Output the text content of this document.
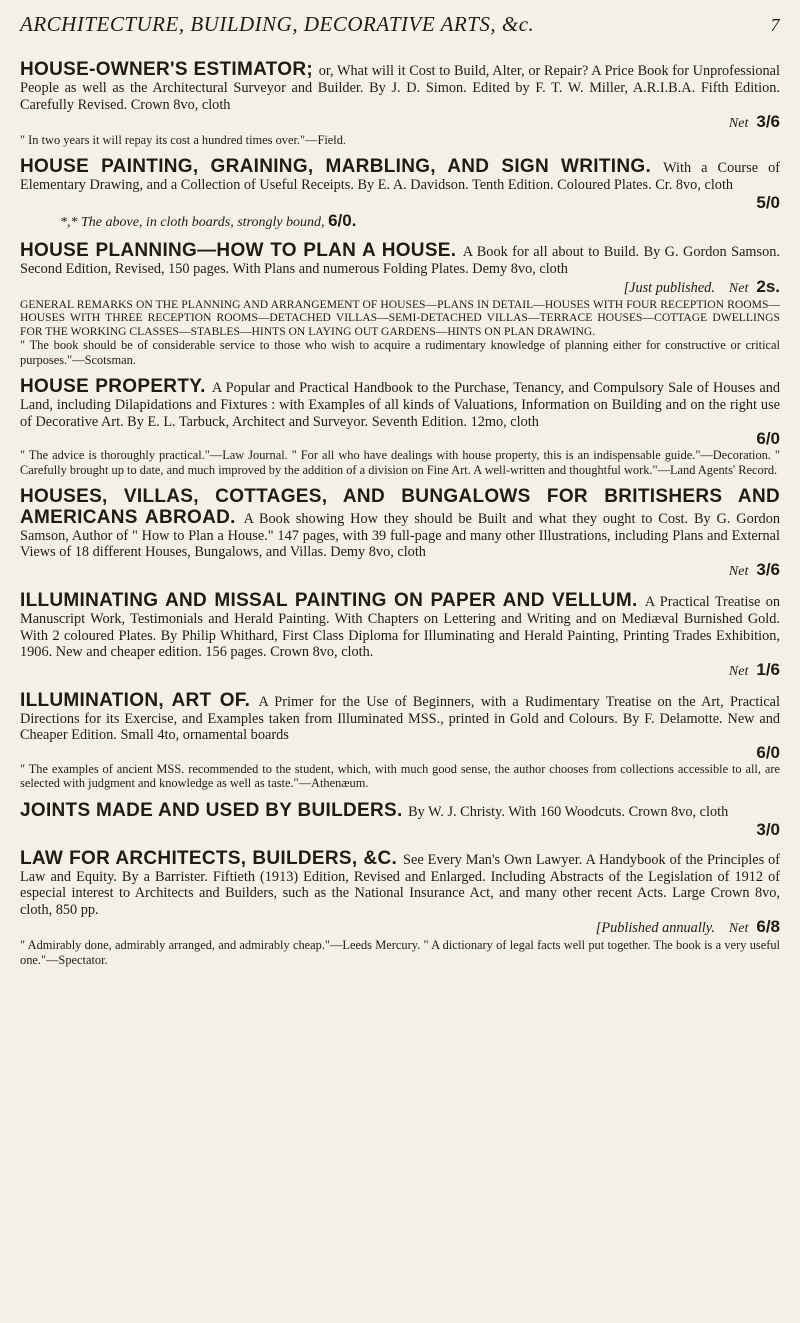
ARCHITECTURE, BUILDING, DECORATIVE ARTS, &c.	7
HOUSE-OWNER'S ESTIMATOR; or, What will it Cost to Build, Alter, or Repair? A Price Book for Unprofessional People as well as the Architectural Surveyor and Builder. By J. D. Simon. Edited by F. T. W. Miller, A.R.I.B.A. Fifth Edition. Carefully Revised. Crown 8vo, cloth
Net 3/6
" In two years it will repay its cost a hundred times over."—Field.
HOUSE PAINTING, GRAINING, MARBLING, AND SIGN WRITING. With a Course of Elementary Drawing, and a Collection of Useful Receipts. By E. A. Davidson. Tenth Edition. Coloured Plates. Cr. 8vo, cloth
5/0
*,* The above, in cloth boards, strongly bound, 6/0.
HOUSE PLANNING—HOW TO PLAN A HOUSE. A Book for all about to Build. By G. Gordon Samson. Second Edition, Revised, 150 pages. With Plans and numerous Folding Plates. Demy 8vo, cloth
[Just published. Net 2s.
GENERAL REMARKS ON THE PLANNING AND ARRANGEMENT OF HOUSES—PLANS IN DETAIL—HOUSES WITH FOUR RECEPTION ROOMS—HOUSES WITH THREE RECEPTION ROOMS—DETACHED VILLAS—SEMI-DETACHED VILLAS—TERRACE HOUSES—COTTAGE DWELLINGS FOR THE WORKING CLASSES—STABLES—HINTS ON LAYING OUT GARDENS—HINTS ON PLAN DRAWING.
" The book should be of considerable service to those who wish to acquire a rudimentary knowledge of planning either for constructive or critical purposes."—Scotsman.
HOUSE PROPERTY. A Popular and Practical Handbook to the Purchase, Tenancy, and Compulsory Sale of Houses and Land, including Dilapidations and Fixtures : with Examples of all kinds of Valuations, Information on Building and on the right use of Decorative Art. By E. L. Tarbuck, Architect and Surveyor. Seventh Edition. 12mo, cloth
6/0
" The advice is thoroughly practical."—Law Journal. " For all who have dealings with house property, this is an indispensable guide."—Decoration. " Carefully brought up to date, and much improved by the addition of a division on Fine Art. A well-written and thoughtful work."—Land Agents' Record.
HOUSES, VILLAS, COTTAGES, AND BUNGALOWS FOR BRITISHERS AND AMERICANS ABROAD. A Book showing How they should be Built and what they ought to Cost. By G. Gordon Samson, Author of " How to Plan a House." 147 pages, with 39 full-page and many other Illustrations, including Plans and External Views of 18 different Houses, Bungalows, and Villas. Demy 8vo, cloth
Net 3/6
ILLUMINATING AND MISSAL PAINTING ON PAPER AND VELLUM. A Practical Treatise on Manuscript Work, Testimonials and Herald Painting. With Chapters on Lettering and Writing and on Mediæval Burnished Gold. With 2 coloured Plates. By Philip Whithard, First Class Diploma for Illuminating and Herald Painting, Printing Trades Exhibition, 1906. New and cheaper edition. 156 pages. Crown 8vo, cloth.
Net 1/6
ILLUMINATION, ART OF. A Primer for the Use of Beginners, with a Rudimentary Treatise on the Art, Practical Directions for its Exercise, and Examples taken from Illuminated MSS., printed in Gold and Colours. By F. Delamotte. New and Cheaper Edition. Small 4to, ornamental boards
6/0
" The examples of ancient MSS. recommended to the student, which, with much good sense, the author chooses from collections accessible to all, are selected with judgment and knowledge as well as taste."—Athenæum.
JOINTS MADE AND USED BY BUILDERS. By W. J. Christy. With 160 Woodcuts. Crown 8vo, cloth
3/0
LAW FOR ARCHITECTS, BUILDERS, &C. See Every Man's Own Lawyer. A Handybook of the Principles of Law and Equity. By a Barrister. Fiftieth (1913) Edition, Revised and Enlarged. Including Abstracts of the Legislation of 1912 of especial interest to Architects and Builders, such as the National Insurance Act, and many other recent Acts. Large Crown 8vo, cloth, 850 pp.
[Published annually. Net 6/8
" Admirably done, admirably arranged, and admirably cheap."—Leeds Mercury. " A dictionary of legal facts well put together. The book is a very useful one."—Spectator.
